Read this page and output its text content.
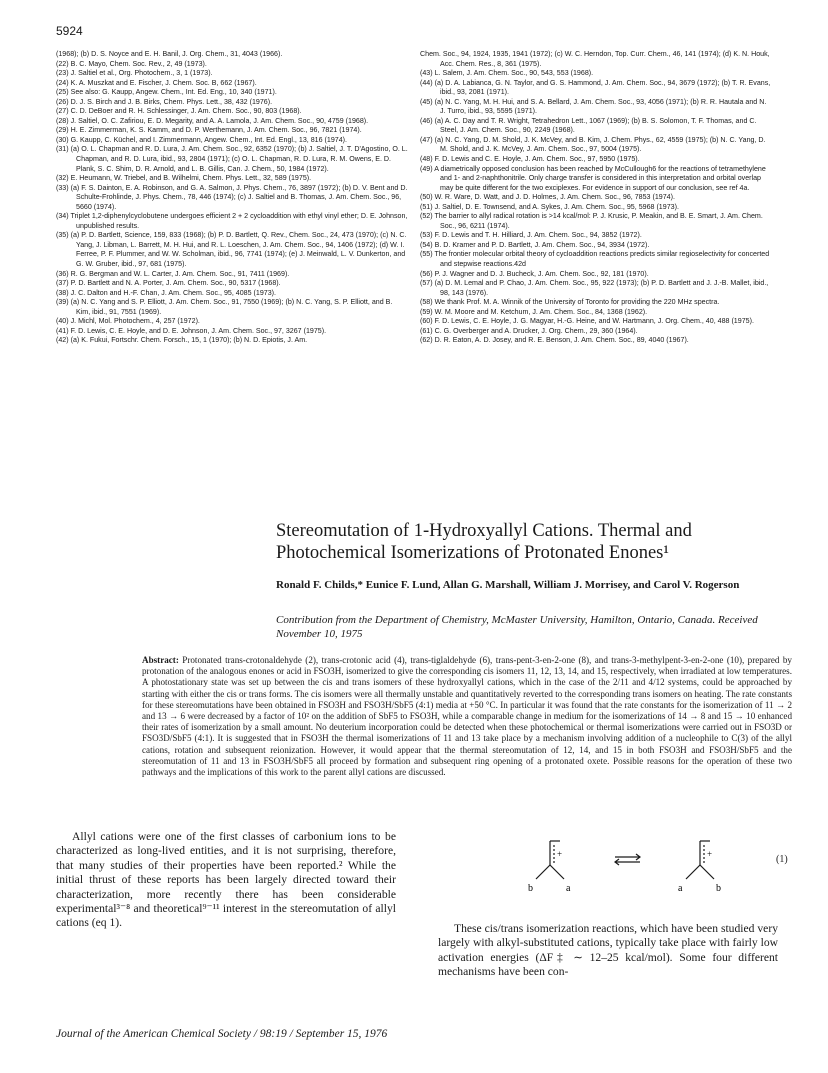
5924

(1968); (b) D. S. Noyce and E. H. Banil, J. Org. Chem., 31, 4043 (1966).

(22) B. C. Mayo, Chem. Soc. Rev., 2, 49 (1973).

(23) J. Saltiel et al., Org. Photochem., 3, 1 (1973).

(24) K. A. Muszkat and E. Fischer, J. Chem. Soc. B, 662 (1967).

(25) See also: G. Kaupp, Angew. Chem., Int. Ed. Eng., 10, 340 (1971).

(26) D. J. S. Birch and J. B. Birks, Chem. Phys. Lett., 38, 432 (1976).

(27) C. D. DeBoer and R. H. Schlessinger, J. Am. Chem. Soc., 90, 803 (1968).

(28) J. Saltiel, O. C. Zafiriou, E. D. Megarity, and A. A. Lamola, J. Am. Chem. Soc., 90, 4759 (1968).

(29) H. E. Zimmerman, K. S. Kamm, and D. P. Werthemann, J. Am. Chem. Soc., 96, 7821 (1974).

(30) G. Kaupp, C. Küchel, and I. Zimmermann, Angew. Chem., Int. Ed. Engl., 13, 816 (1974).

(31) (a) O. L. Chapman and R. D. Lura, J. Am. Chem. Soc., 92, 6352 (1970); (b) J. Saltiel, J. T. D'Agostino, O. L. Chapman, and R. D. Lura, ibid., 93, 2804 (1971); (c) O. L. Chapman, R. D. Lura, R. M. Owens, E. D. Plank, S. C. Shim, D. R. Arnold, and L. B. Gillis, Can. J. Chem., 50, 1984 (1972).

(32) E. Heumann, W. Triebel, and B. Wilhelmi, Chem. Phys. Lett., 32, 589 (1975).

(33) (a) F. S. Dainton, E. A. Robinson, and G. A. Salmon, J. Phys. Chem., 76, 3897 (1972); (b) D. V. Bent and D. Schulte-Frohlinde, J. Phys. Chem., 78, 446 (1974); (c) J. Saltiel and B. Thomas, J. Am. Chem. Soc., 96, 5660 (1974).

(34) Triplet 1,2-diphenylcyclobutene undergoes efficient 2 + 2 cycloaddition with ethyl vinyl ether; D. E. Johnson, unpublished results.

(35) (a) P. D. Bartlett, Science, 159, 833 (1968); (b) P. D. Bartlett, Q. Rev., Chem. Soc., 24, 473 (1970); (c) N. C. Yang, J. Libman, L. Barrett, M. H. Hui, and R. L. Loeschen, J. Am. Chem. Soc., 94, 1406 (1972); (d) W. I. Ferree, P. F. Plummer, and W. W. Scholman, ibid., 96, 7741 (1974); (e) J. Meinwald, L. V. Dunkerton, and G. W. Gruber, ibid., 97, 681 (1975).

(36) R. G. Bergman and W. L. Carter, J. Am. Chem. Soc., 91, 7411 (1969).

(37) P. D. Bartlett and N. A. Porter, J. Am. Chem. Soc., 90, 5317 (1968).

(38) J. C. Dalton and H.-F. Chan, J. Am. Chem. Soc., 95, 4085 (1973).

(39) (a) N. C. Yang and S. P. Elliott, J. Am. Chem. Soc., 91, 7550 (1969); (b) N. C. Yang, S. P. Elliott, and B. Kim, ibid., 91, 7551 (1969).

(40) J. Michl, Mol. Photochem., 4, 257 (1972).

(41) F. D. Lewis, C. E. Hoyle, and D. E. Johnson, J. Am. Chem. Soc., 97, 3267 (1975).

(42) (a) K. Fukui, Fortschr. Chem. Forsch., 15, 1 (1970); (b) N. D. Epiotis, J. Am.

Chem. Soc., 94, 1924, 1935, 1941 (1972); (c) W. C. Herndon, Top. Curr. Chem., 46, 141 (1974); (d) K. N. Houk, Acc. Chem. Res., 8, 361 (1975).

(43) L. Salem, J. Am. Chem. Soc., 90, 543, 553 (1968).

(44) (a) D. A. Labianca, G. N. Taylor, and G. S. Hammond, J. Am. Chem. Soc., 94, 3679 (1972); (b) T. R. Evans, ibid., 93, 2081 (1971).

(45) (a) N. C. Yang, M. H. Hui, and S. A. Bellard, J. Am. Chem. Soc., 93, 4056 (1971); (b) R. R. Hautala and N. J. Turro, ibid., 93, 5595 (1971).

(46) (a) A. C. Day and T. R. Wright, Tetrahedron Lett., 1067 (1969); (b) B. S. Solomon, T. F. Thomas, and C. Steel, J. Am. Chem. Soc., 90, 2249 (1968).

(47) (a) N. C. Yang, D. M. Shold, J. K. McVey, and B. Kim, J. Chem. Phys., 62, 4559 (1975); (b) N. C. Yang, D. M. Shold, and J. K. McVey, J. Am. Chem. Soc., 97, 5004 (1975).

(48) F. D. Lewis and C. E. Hoyle, J. Am. Chem. Soc., 97, 5950 (1975).

(49) A diametrically opposed conclusion has been reached by McCullough6 for the reactions of tetramethylene and 1- and 2-naphthonitrile. Only charge transfer is considered in this interpretation and orbital overlap may be quite different for the two exciplexes. For evidence in support of our conclusion, see ref 4a.

(50) W. R. Ware, D. Watt, and J. D. Holmes, J. Am. Chem. Soc., 96, 7853 (1974).

(51) J. Saltiel, D. E. Townsend, and A. Sykes, J. Am. Chem. Soc., 95, 5968 (1973).

(52) The barrier to allyl radical rotation is >14 kcal/mol: P. J. Krusic, P. Meakin, and B. E. Smart, J. Am. Chem. Soc., 96, 6211 (1974).

(53) F. D. Lewis and T. H. Hilliard, J. Am. Chem. Soc., 94, 3852 (1972).

(54) B. D. Kramer and P. D. Bartlett, J. Am. Chem. Soc., 94, 3934 (1972).

(55) The frontier molecular orbital theory of cycloaddition reactions predicts similar regioselectivity for concerted and stepwise reactions.42d

(56) P. J. Wagner and D. J. Bucheck, J. Am. Chem. Soc., 92, 181 (1970).

(57) (a) D. M. Lemal and P. Chao, J. Am. Chem. Soc., 95, 922 (1973); (b) P. D. Bartlett and J. J.-B. Mallet, ibid., 98, 143 (1976).

(58) We thank Prof. M. A. Winnik of the University of Toronto for providing the 220 MHz spectra.

(59) W. M. Moore and M. Ketchum, J. Am. Chem. Soc., 84, 1368 (1962).

(60) F. D. Lewis, C. E. Hoyle, J. G. Magyar, H.-G. Heine, and W. Hartmann, J. Org. Chem., 40, 488 (1975).

(61) C. G. Overberger and A. Drucker, J. Org. Chem., 29, 360 (1964).

(62) D. R. Eaton, A. D. Josey, and R. E. Benson, J. Am. Chem. Soc., 89, 4040 (1967).

Stereomutation of 1-Hydroxyallyl Cations. Thermal and Photochemical Isomerizations of Protonated Enones¹
Ronald F. Childs,* Eunice F. Lund, Allan G. Marshall, William J. Morrisey, and Carol V. Rogerson
Contribution from the Department of Chemistry, McMaster University, Hamilton, Ontario, Canada. Received November 10, 1975
Abstract: Protonated trans-crotonaldehyde (2), trans-crotonic acid (4), trans-tiglaldehyde (6), trans-pent-3-en-2-one (8), and trans-3-methylpent-3-en-2-one (10), prepared by protonation of the analogous enones or acid in FSO3H, isomerized to give the corresponding cis isomers 11, 12, 13, 14, and 15, respectively, when irradiated at low temperatures. A photostationary state was set up between the cis and trans isomers of these hydroxyallyl cations, which in the case of the 2/11 and 4/12 systems, could be approached by starting with either the cis or trans forms. The cis isomers were all thermally unstable and quantitatively reverted to the corresponding trans isomers on heating. The rate constants for these stereomutations have been obtained in FSO3H and FSO3H/SbF5 (4:1) media at +50 °C. In particular it was found that the rate constants for the isomerization of 11 → 2 and 13 → 6 were decreased by a factor of 10² on the addition of SbF5 to FSO3H, while a comparable change in medium for the isomerizations of 14 → 8 and 15 → 10 enhanced their rates of isomerization by a small amount. No deuterium incorporation could be detected when these photochemical or thermal isomerizations were carried out in FSO3D or FSO3D/SbF5 (4:1). It is suggested that in FSO3H the thermal isomerizations of 11 and 13 take place by a mechanism involving addition of a nucleophile to C(3) of the allyl cations, rotation and subsequent reionization. However, it would appear that the thermal stereomutation of 12, 14, and 15 in both FSO3H and FSO3H/SbF5 and the stereomutation of 11 and 13 in FSO3H/SbF5 all proceed by formation and subsequent ring opening of a protonated oxete. Possible reasons for the operation of these two pathways and the implications of this work to the parent allyl cations are discussed.
Allyl cations were one of the first classes of carbonium ions to be characterized as long-lived entities, and it is not surprising, therefore, that many studies of their properties have been reported.² While the initial thrust of these reports has been largely directed toward their characterization, more recently there has been considerable experimental³⁻⁸ and theoretical⁹⁻¹¹ interest in the stereomutation of allyl cations (eq 1).
+	+
b	a	a	b
(1)
These cis/trans isomerization reactions, which have been studied very largely with alkyl-substituted cations, typically take place with fairly low activation energies (ΔF‡ ∼ 12–25 kcal/mol). Some four different mechanisms have been con-
Journal of the American Chemical Society / 98:19 / September 15, 1976
